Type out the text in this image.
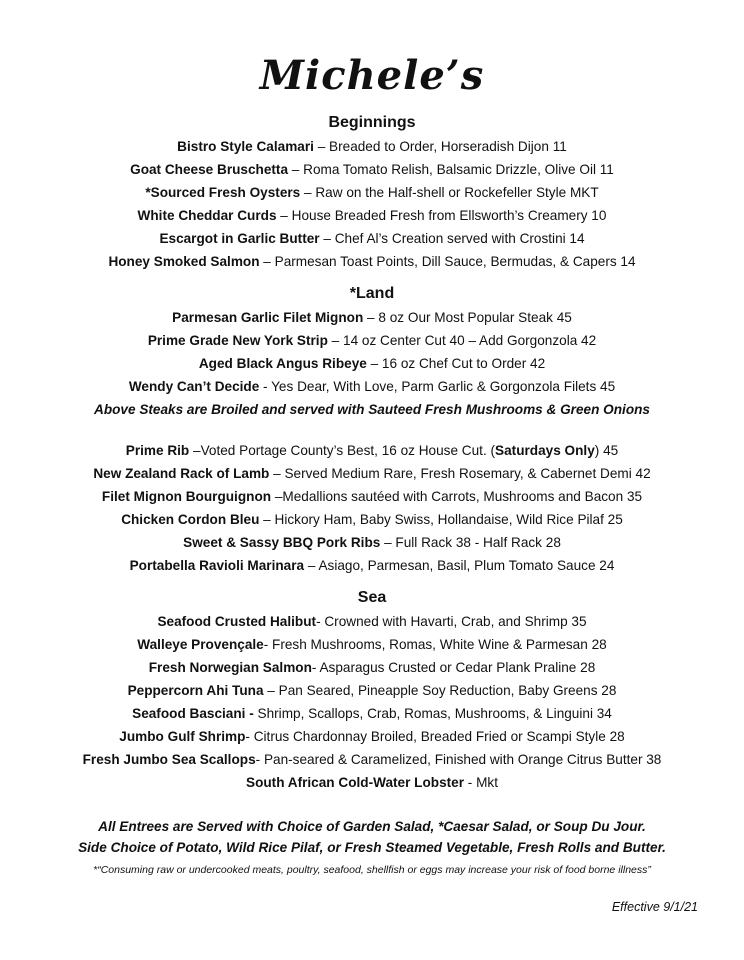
Michele’s
Beginnings
Bistro Style Calamari – Breaded to Order, Horseradish Dijon 11
Goat Cheese Bruschetta – Roma Tomato Relish, Balsamic Drizzle, Olive Oil 11
*Sourced Fresh Oysters – Raw on the Half-shell or Rockefeller Style MKT
White Cheddar Curds – House Breaded Fresh from Ellsworth’s Creamery 10
Escargot in Garlic Butter – Chef Al’s Creation served with Crostini 14
Honey Smoked Salmon – Parmesan Toast Points, Dill Sauce, Bermudas, & Capers 14
*Land
Parmesan Garlic Filet Mignon – 8 oz Our Most Popular Steak 45
Prime Grade New York Strip – 14 oz Center Cut 40 – Add Gorgonzola 42
Aged Black Angus Ribeye – 16 oz Chef Cut to Order 42
Wendy Can’t Decide - Yes Dear, With Love, Parm Garlic & Gorgonzola Filets 45
Above Steaks are Broiled and served with Sauteed Fresh Mushrooms & Green Onions
Prime Rib –Voted Portage County’s Best, 16 oz House Cut. (Saturdays Only) 45
New Zealand Rack of Lamb – Served Medium Rare, Fresh Rosemary, & Cabernet Demi 42
Filet Mignon Bourguignon –Medallions sautéed with Carrots, Mushrooms and Bacon 35
Chicken Cordon Bleu – Hickory Ham, Baby Swiss, Hollandaise, Wild Rice Pilaf 25
Sweet & Sassy BBQ Pork Ribs – Full Rack 38 - Half Rack 28
Portabella Ravioli Marinara – Asiago, Parmesan, Basil, Plum Tomato Sauce 24
Sea
Seafood Crusted Halibut- Crowned with Havarti, Crab, and Shrimp 35
Walleye Provençale- Fresh Mushrooms, Romas, White Wine & Parmesan 28
Fresh Norwegian Salmon- Asparagus Crusted or Cedar Plank Praline 28
Peppercorn Ahi Tuna – Pan Seared, Pineapple Soy Reduction, Baby Greens 28
Seafood Basciani - Shrimp, Scallops, Crab, Romas, Mushrooms, & Linguini 34
Jumbo Gulf Shrimp- Citrus Chardonnay Broiled, Breaded Fried or Scampi Style 28
Fresh Jumbo Sea Scallops- Pan-seared & Caramelized, Finished with Orange Citrus Butter 38
South African Cold-Water Lobster - Mkt
All Entrees are Served with Choice of Garden Salad, *Caesar Salad, or Soup Du Jour.
Side Choice of Potato, Wild Rice Pilaf, or Fresh Steamed Vegetable, Fresh Rolls and Butter.
*“Consuming raw or undercooked meats, poultry, seafood, shellfish or eggs may increase your risk of food borne illness”
Effective 9/1/21
